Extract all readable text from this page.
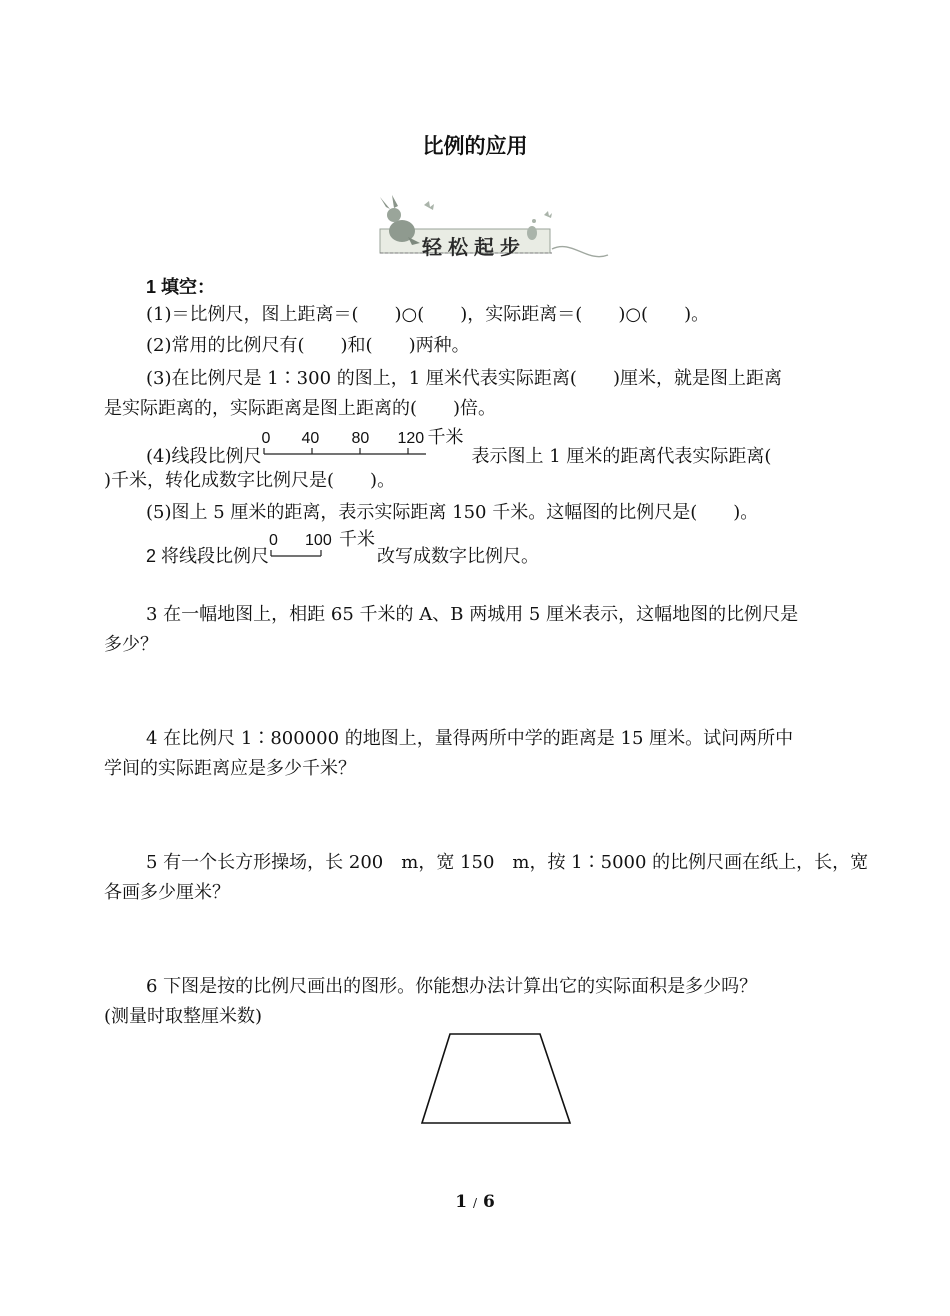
比例的应用
轻松起步
1 填空：
(1)＝比例尺，图上距离＝(　　)○(　　)，实际距离＝(　　)○(　　)。
(2)常用的比例尺有(　　)和(　　)两种。
(3)在比例尺是 1∶300 的图上，1 厘米代表实际距离(　　)厘米，就是图上距离
是实际距离的，实际距离是图上距离的(　　)倍。
(4)线段比例尺
0 40 80 120 千米
表示图上 1 厘米的距离代表实际距离(
)千米，转化成数字比例尺是(　　)。
(5)图上 5 厘米的距离，表示实际距离 150 千米。这幅图的比例尺是(　　)。
2 将线段比例尺
0 100 千米
改写成数字比例尺。
3 在一幅地图上，相距 65 千米的 A、B 两城用 5 厘米表示，这幅地图的比例尺是
多少？
4 在比例尺 1∶800000 的地图上，量得两所中学的距离是 15 厘米。试问两所中
学间的实际距离应是多少千米？
5 有一个长方形操场，长 200　m，宽 150　m，按 1∶5000 的比例尺画在纸上，长，宽
各画多少厘米？
6 下图是按的比例尺画出的图形。你能想办法计算出它的实际面积是多少吗？
(测量时取整厘米数)
1 / 6
